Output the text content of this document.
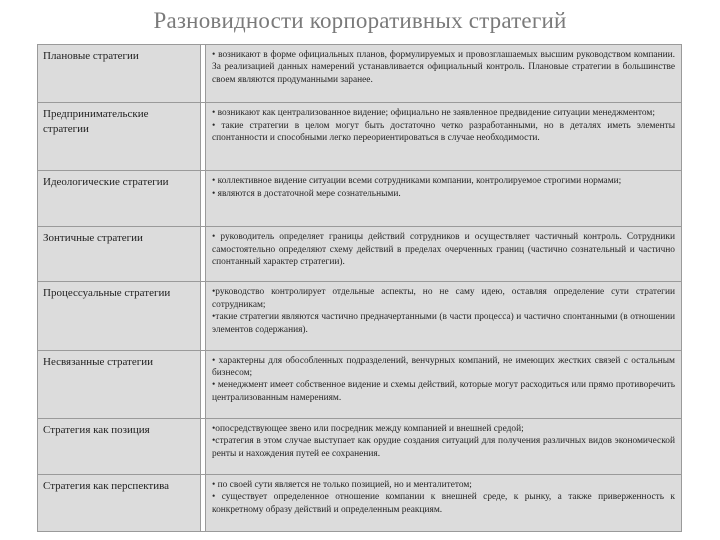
Разновидности корпоративных стратегий
Плановые стратегии		• возникают в форме официальных планов, формулируемых и провозглашаемых высшим руководством компании. За реализацией данных намерений устанавливается официальный контроль. Плановые стратегии в большинстве своем являются продуманными заранее.

Предпринимательские стратегии		• возникают как централизованное видение; официально не заявленное предвидение ситуации менеджментом;

• такие стратегии в целом могут быть достаточно четко разработанными, но в деталях иметь элементы спонтанности и способными легко переориентироваться в случае необходимости.

Идеологические стратегии		• коллективное видение ситуации всеми сотрудниками компании, контролируемое строгими нормами;

• являются в достаточной мере сознательными.

Зонтичные стратегии		• руководитель определяет границы действий сотрудников и осуществляет частичный контроль. Сотрудники самостоятельно определяют схему действий в пределах очерченных границ (частично сознательный и частично спонтанный характер стратегии).

Процессуальные стратегии		•руководство контролирует отдельные аспекты, но не саму идею, оставляя определение сути стратегии сотрудникам;

•такие стратегии являются частично предначертанными (в части процесса) и частично спонтанными (в отношении элементов содержания).

Несвязанные стратегии		• характерны для обособленных подразделений, венчурных компаний, не имеющих жестких связей с остальным бизнесом;

• менеджмент имеет собственное видение и схемы действий, которые могут расходиться или прямо противоречить централизованным намерениям.

Стратегия как позиция		•опосредствующее звено или посредник между компанией и внешней средой;

•стратегия в этом случае выступает как орудие создания ситуаций для получения различных видов экономической ренты и нахождения путей ее сохранения.

Стратегия как перспектива		• по своей сути является не только позицией, но и менталитетом;

• существует определенное отношение компании к внешней среде, к рынку, а также приверженность к конкретному образу действий и определенным реакциям.
